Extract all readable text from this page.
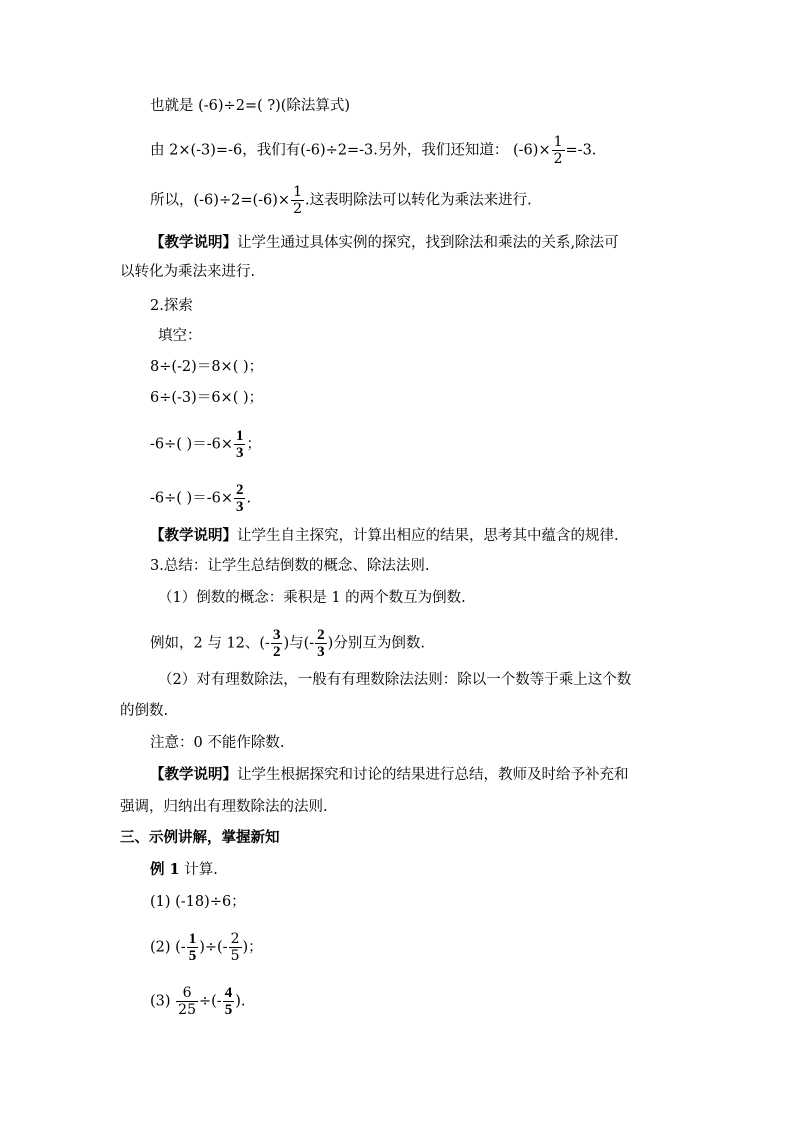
也就是 (-6)÷2=( ?)(除法算式)
由 2×(-3)=-6，我们有(-6)÷2=-3.另外，我们还知道： $(-6)\times \frac{1}{2} =-3$.
所以，$(-6)\div 2=(-6)\times \frac{1}{2}$ .这表明除法可以转化为乘法来进行.
【教学说明】让学生通过具体实例的探究，找到除法和乘法的关系,除法可
以转化为乘法来进行.
2.探索
填空：
8÷(-2)＝8×( )；
6÷(-3)＝6×( )；
-6÷( )$=-6\times \frac{1}{3}$ ；
-6÷( )$=-6\times \frac{2}{3}$ .
【教学说明】让学生自主探究，计算出相应的结果，思考其中蕴含的规律.
3.总结：让学生总结倒数的概念、除法法则.
（1）倒数的概念：乘积是 1 的两个数互为倒数.
例如，2 与 12、(- $\frac{3}{2}$ )与(- $\frac{2}{3}$ )分别互为倒数.
（2）对有理数除法，一般有有理数除法法则：除以一个数等于乘上这个数
的倒数.
注意：0 不能作除数.
【教学说明】让学生根据探究和讨论的结果进行总结，教师及时给予补充和
强调，归纳出有理数除法的法则.
三、示例讲解，掌握新知
例 1 计算.
(1) (-18)÷6；
(2) (- $\frac{1}{5}$ )÷(- $\frac{2}{5}$ )；
$(3) \frac{6}{25}$ ÷(- $\frac{4}{5}$ ).
